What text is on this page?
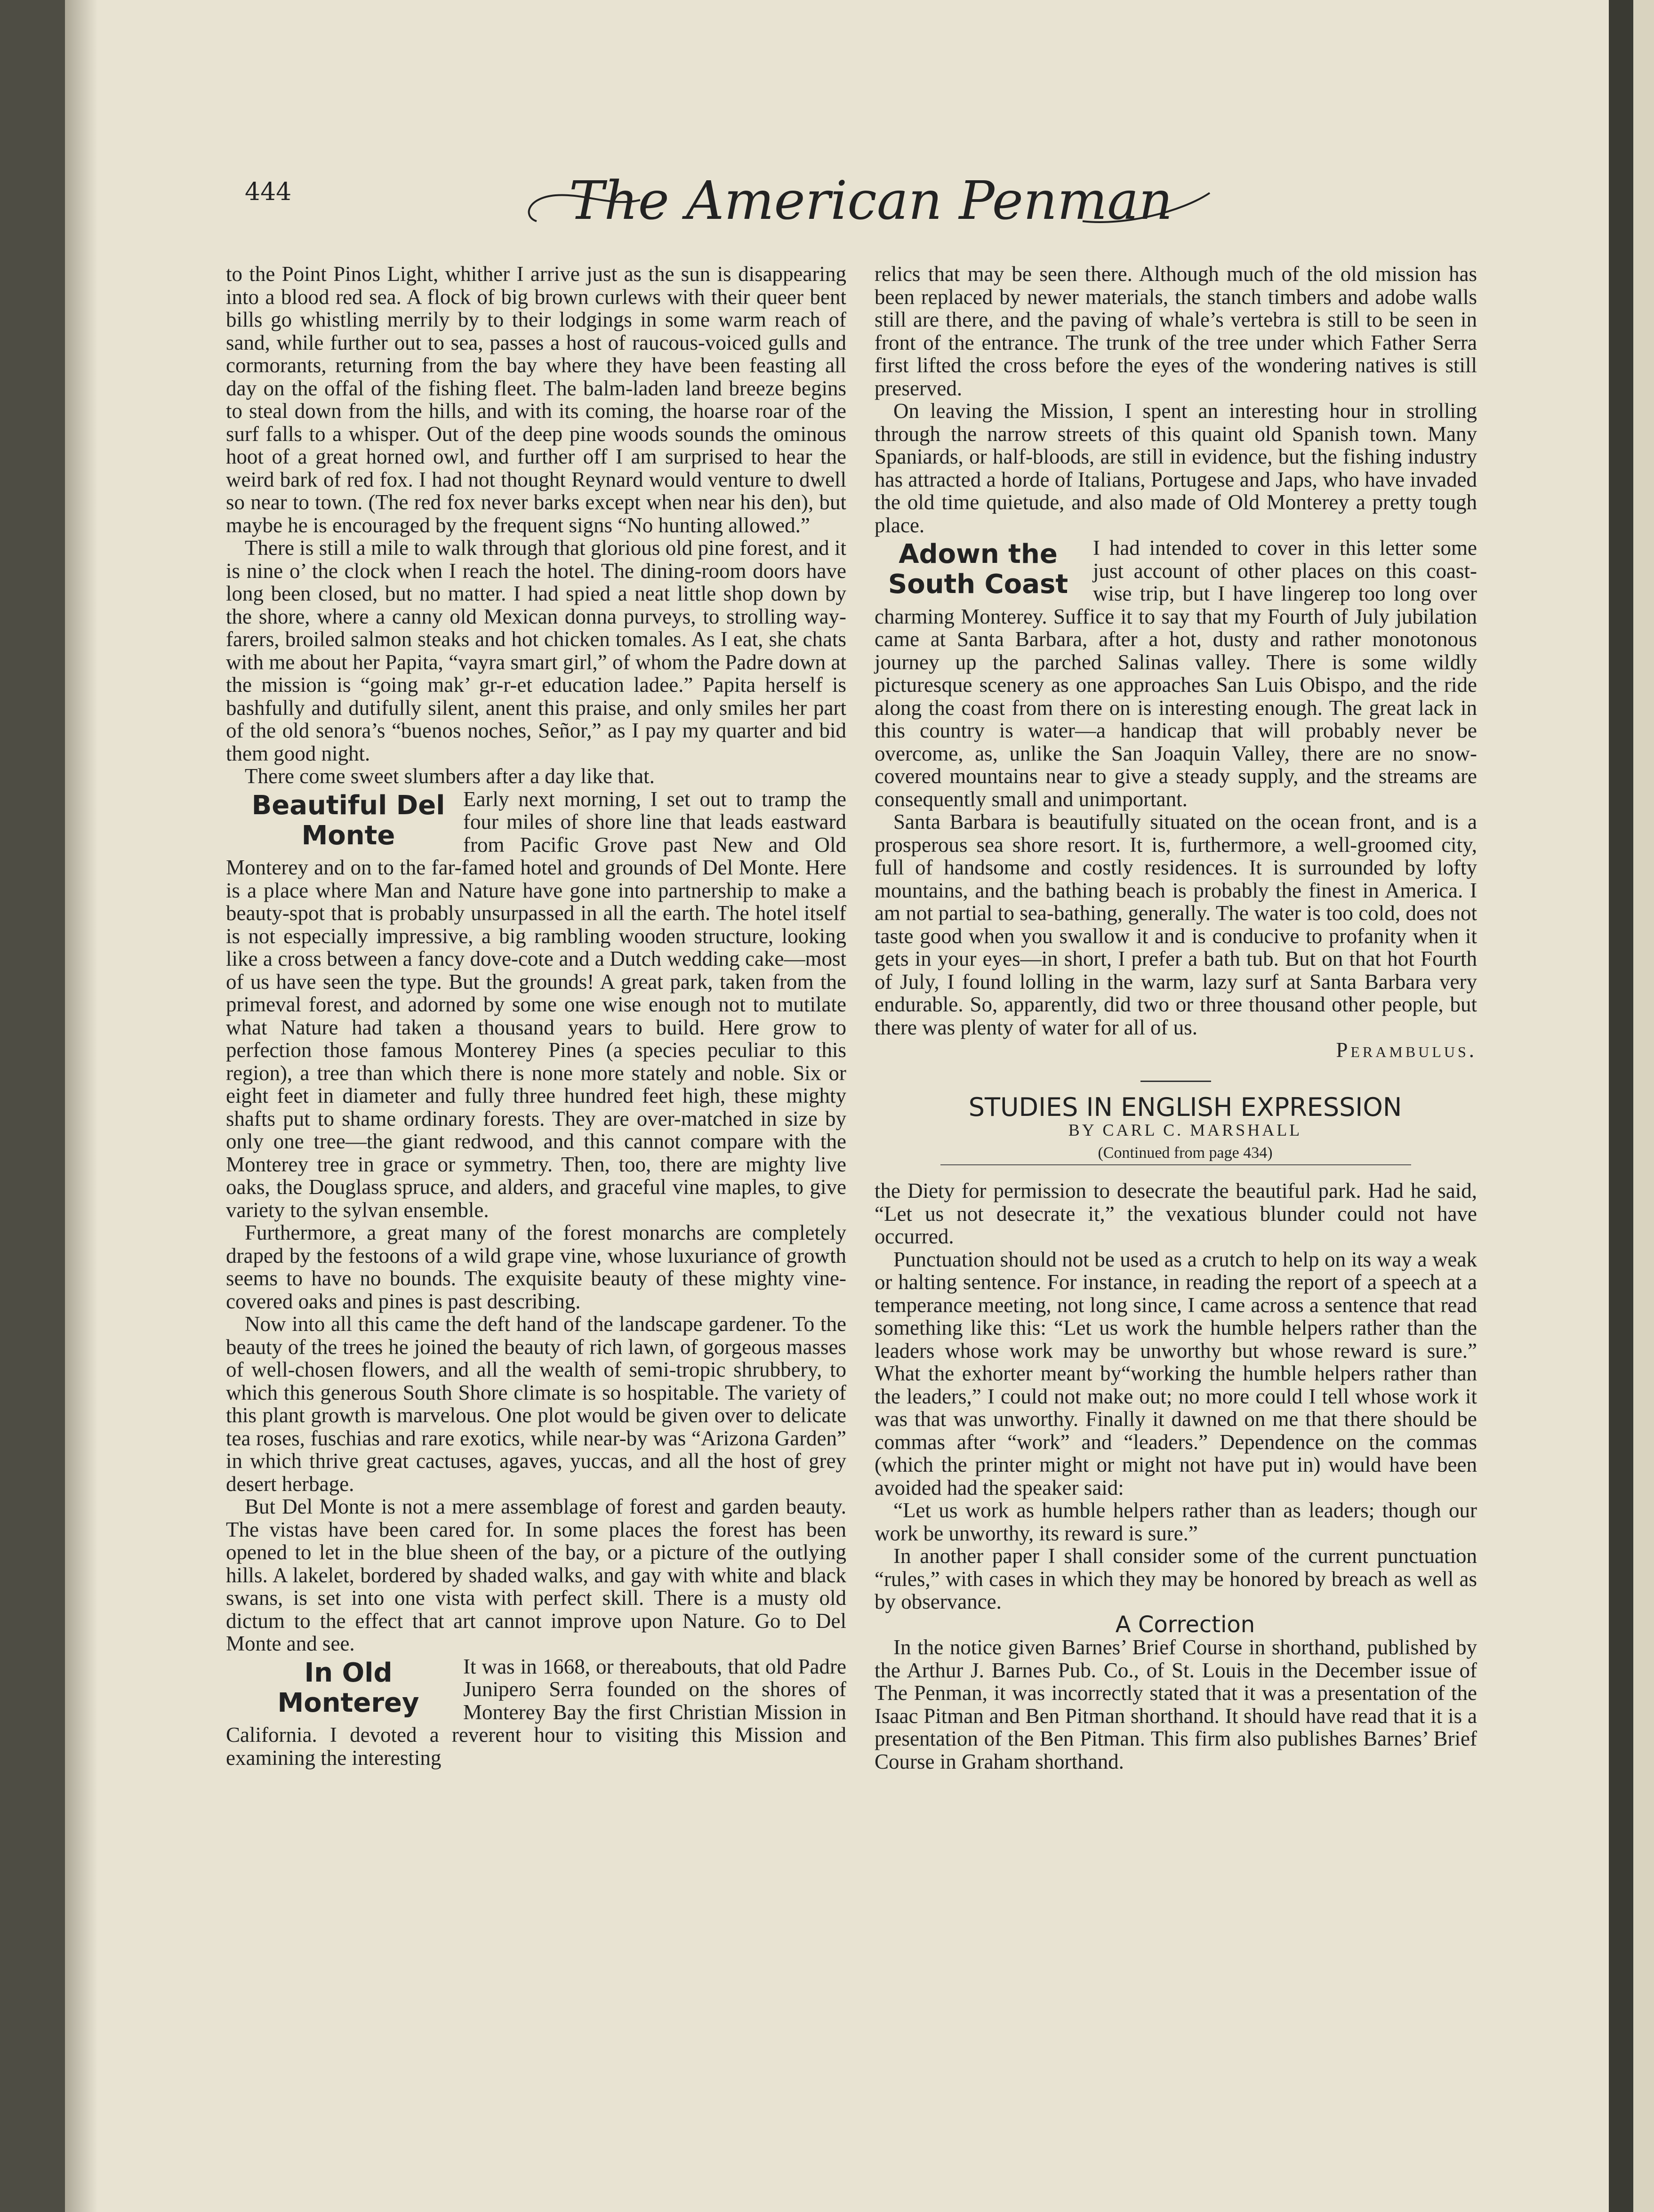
444	The American Penman

to the Point Pinos Light, whither I arrive just as the sun is disappearing into a blood red sea. A flock of big brown curlews with their queer bent bills go whistling merrily by to their lodgings in some warm reach of sand, while further out to sea, passes a host of raucous-voiced gulls and cormorants, returning from the bay where they have been feasting all day on the offal of the fishing fleet. The balm-laden land breeze begins to steal down from the hills, and with its coming, the hoarse roar of the surf falls to a whisper. Out of the deep pine woods sounds the ominous hoot of a great horned owl, and further off I am surprised to hear the weird bark of red fox. I had not thought Reynard would venture to dwell so near to town. (The red fox never barks except when near his den), but maybe he is encouraged by the frequent signs “No hunting allowed.”

There is still a mile to walk through that glorious old pine forest, and it is nine o’ the clock when I reach the hotel. The dining-room doors have long been closed, but no matter. I had spied a neat little shop down by the shore, where a canny old Mexican donna purveys, to strolling way-farers, broiled salmon steaks and hot chicken tomales. As I eat, she chats with me about her Papita, “vayra smart girl,” of whom the Padre down at the mission is “going mak’ gr-r-et education ladee.” Papita herself is bashfully and dutifully silent, anent this praise, and only smiles her part of the old senora’s “buenos noches, Señor,” as I pay my quarter and bid them good night.

There come sweet slumbers after a day like that.

Beautiful Del Monte

Early next morning, I set out to tramp the four miles of shore line that leads eastward from Pacific Grove past New and Old Monterey and on to the far-famed hotel and grounds of Del Monte. Here is a place where Man and Nature have gone into partnership to make a beauty-spot that is probably unsurpassed in all the earth. The hotel itself is not especially impressive, a big rambling wooden structure, looking like a cross between a fancy dove-cote and a Dutch wedding cake—most of us have seen the type. But the grounds! A great park, taken from the primeval forest, and adorned by some one wise enough not to mutilate what Nature had taken a thousand years to build. Here grow to perfection those famous Monterey Pines (a species peculiar to this region), a tree than which there is none more stately and noble. Six or eight feet in diameter and fully three hundred feet high, these mighty shafts put to shame ordinary forests. They are over-matched in size by only one tree—the giant redwood, and this cannot compare with the Monterey tree in grace or symmetry. Then, too, there are mighty live oaks, the Douglass spruce, and alders, and graceful vine maples, to give variety to the sylvan ensemble.

Furthermore, a great many of the forest monarchs are completely draped by the festoons of a wild grape vine, whose luxuriance of growth seems to have no bounds. The exquisite beauty of these mighty vine-covered oaks and pines is past describing.

Now into all this came the deft hand of the landscape gardener. To the beauty of the trees he joined the beauty of rich lawn, of gorgeous masses of well-chosen flowers, and all the wealth of semi-tropic shrubbery, to which this generous South Shore climate is so hospitable. The variety of this plant growth is marvelous. One plot would be given over to delicate tea roses, fuschias and rare exotics, while near-by was “Arizona Garden” in which thrive great cactuses, agaves, yuccas, and all the host of grey desert herbage.

But Del Monte is not a mere assemblage of forest and garden beauty. The vistas have been cared for. In some places the forest has been opened to let in the blue sheen of the bay, or a picture of the outlying hills. A lakelet, bordered by shaded walks, and gay with white and black swans, is set into one vista with perfect skill. There is a musty old dictum to the effect that art cannot improve upon Nature. Go to Del Monte and see.

In Old Monterey

It was in 1668, or thereabouts, that old Padre Junipero Serra founded on the shores of Monterey Bay the first Christian Mission in California. I devoted a reverent hour to visiting this Mission and examining the interesting

relics that may be seen there. Although much of the old mission has been replaced by newer materials, the stanch timbers and adobe walls still are there, and the paving of whale’s vertebra is still to be seen in front of the entrance. The trunk of the tree under which Father Serra first lifted the cross before the eyes of the wondering natives is still preserved.

On leaving the Mission, I spent an interesting hour in strolling through the narrow streets of this quaint old Spanish town. Many Spaniards, or half-bloods, are still in evidence, but the fishing industry has attracted a horde of Italians, Portugese and Japs, who have invaded the old time quietude, and also made of Old Monterey a pretty tough place.

Adown the South Coast

I had intended to cover in this letter some just account of other places on this coast-wise trip, but I have lingerep too long over charming Monterey. Suffice it to say that my Fourth of July jubilation came at Santa Barbara, after a hot, dusty and rather monotonous journey up the parched Salinas valley. There is some wildly picturesque scenery as one approaches San Luis Obispo, and the ride along the coast from there on is interesting enough. The great lack in this country is water—a handicap that will probably never be overcome, as, unlike the San Joaquin Valley, there are no snow-covered mountains near to give a steady supply, and the streams are consequently small and unimportant.

Santa Barbara is beautifully situated on the ocean front, and is a prosperous sea shore resort. It is, furthermore, a well-groomed city, full of handsome and costly residences. It is surrounded by lofty mountains, and the bathing beach is probably the finest in America. I am not partial to sea-bathing, generally. The water is too cold, does not taste good when you swallow it and is conducive to profanity when it gets in your eyes—in short, I prefer a bath tub. But on that hot Fourth of July, I found lolling in the warm, lazy surf at Santa Barbara very endurable. So, apparently, did two or three thousand other people, but there was plenty of water for all of us.

Perambulus.

STUDIES IN ENGLISH EXPRESSION

BY CARL C. MARSHALL

(Continued from page 434)

the Diety for permission to desecrate the beautiful park. Had he said, “Let us not desecrate it,” the vexatious blunder could not have occurred.

Punctuation should not be used as a crutch to help on its way a weak or halting sentence. For instance, in reading the report of a speech at a temperance meeting, not long since, I came across a sentence that read something like this: “Let us work the humble helpers rather than the leaders whose work may be unworthy but whose reward is sure.” What the exhorter meant by“working the humble helpers rather than the leaders,” I could not make out; no more could I tell whose work it was that was unworthy. Finally it dawned on me that there should be commas after “work” and “leaders.” Dependence on the commas (which the printer might or might not have put in) would have been avoided had the speaker said:

“Let us work as humble helpers rather than as leaders; though our work be unworthy, its reward is sure.”

In another paper I shall consider some of the current punctuation “rules,” with cases in which they may be honored by breach as well as by observance.

A Correction

In the notice given Barnes’ Brief Course in shorthand, published by the Arthur J. Barnes Pub. Co., of St. Louis in the December issue of The Penman, it was incorrectly stated that it was a presentation of the Isaac Pitman and Ben Pitman shorthand. It should have read that it is a presentation of the Ben Pitman. This firm also publishes Barnes’ Brief Course in Graham shorthand.
